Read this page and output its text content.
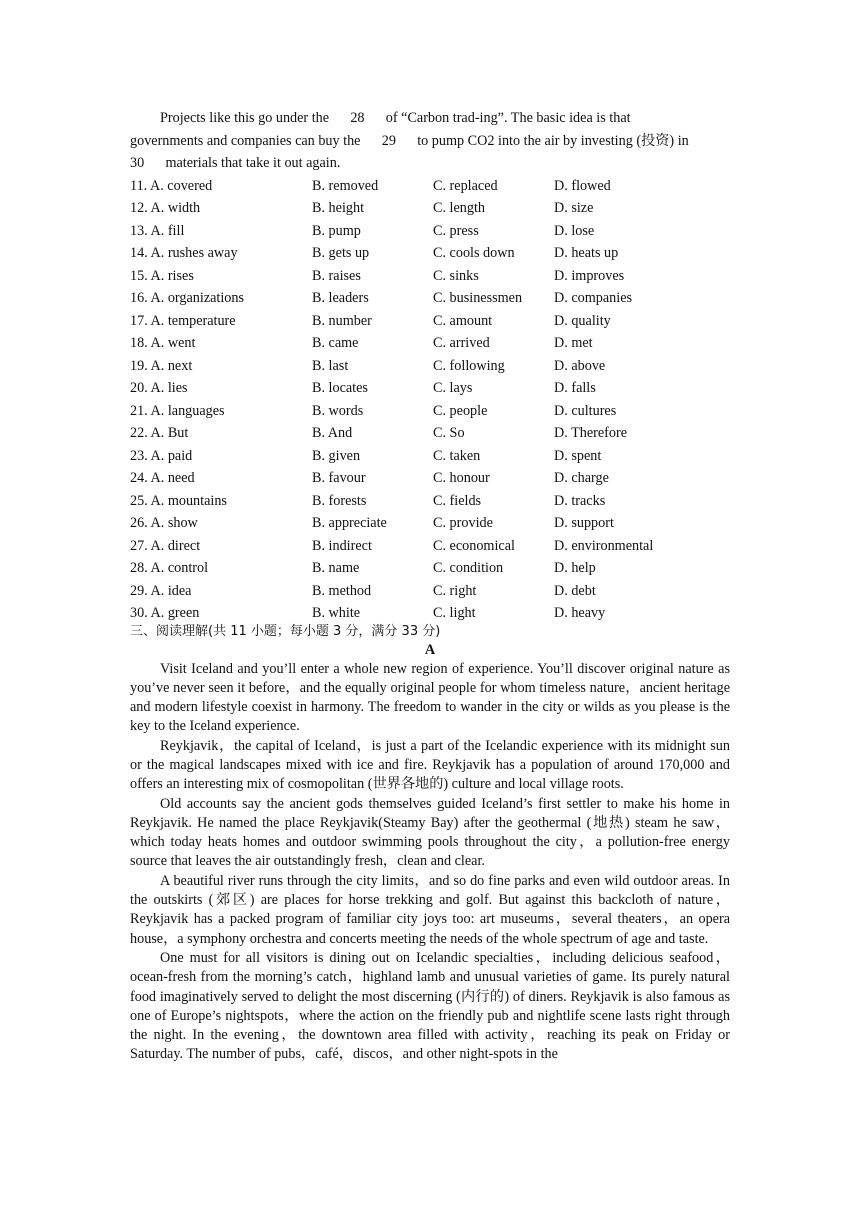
Projects like this go under the      28      of “Carbon trad-ing”. The basic idea is that
governments and companies can buy the      29      to pump CO2 into the air by investing (投资) in
30      materials that take it out again.
11. A. covered	B. removed	C. replaced	D. flowed
12. A. width	B. height	C. length	D. size
13. A. fill	B. pump	C. press	D. lose
14. A. rushes away	B. gets up	C. cools down	D. heats up
15. A. rises	B. raises	C. sinks	D. improves
16. A. organizations	B. leaders	C. businessmen	D. companies
17. A. temperature	B. number	C. amount	D. quality
18. A. went	B. came	C. arrived	D. met
19. A. next	B. last	C. following	D. above
20. A. lies	B. locates	C. lays	D. falls
21. A. languages	B. words	C. people	D. cultures
22. A. But	B. And	C. So	D. Therefore
23. A. paid	B. given	C. taken	D. spent
24. A. need	B. favour	C. honour	D. charge
25. A. mountains	B. forests	C. fields	D. tracks
26. A. show	B. appreciate	C. provide	D. support
27. A. direct	B. indirect	C. economical	D. environmental
28. A. control	B. name	C. condition	D. help
29. A. idea	B. method	C. right	D. debt
30. A. green	B. white	C. light	D. heavy
三、阅读理解(共 11 小题；每小题 3 分，满分 33 分)
A

Visit Iceland and you’ll enter a whole new region of experience. You’ll discover original nature as you’ve never seen it before，and the equally original people for whom timeless nature，ancient heritage and modern lifestyle coexist in harmony. The freedom to wander in the city or wilds as you please is the key to the Iceland experience.

Reykjavik，the capital of Iceland，is just a part of the Icelandic experience with its midnight sun or the magical landscapes mixed with ice and fire. Reykjavik has a population of around 170,000 and offers an interesting mix of cosmopolitan (世界各地的) culture and local village roots.

Old accounts say the ancient gods themselves guided Iceland’s first settler to make his home in Reykjavik. He named the place Reykjavik(Steamy Bay) after the geothermal (地热) steam he saw，which today heats homes and outdoor swimming pools throughout the city，a pollution-free energy source that leaves the air outstandingly fresh，clean and clear.

A beautiful river runs through the city limits，and so do fine parks and even wild outdoor areas. In the outskirts (郊区) are places for horse trekking and golf. But against this backcloth of nature，Reykjavik has a packed program of familiar city joys too: art museums，several theaters，an opera house，a symphony orchestra and concerts meeting the needs of the whole spectrum of age and taste.

One must for all visitors is dining out on Icelandic specialties，including delicious seafood，ocean-fresh from the morning’s catch，highland lamb and unusual varieties of game. Its purely natural food imaginatively served to delight the most discerning (内行的) of diners. Reykjavik is also famous as one of Europe’s nightspots，where the action on the friendly pub and nightlife scene lasts right through the night. In the evening，the downtown area filled with activity，reaching its peak on Friday or Saturday. The number of pubs，café，discos，and other night-spots in the
